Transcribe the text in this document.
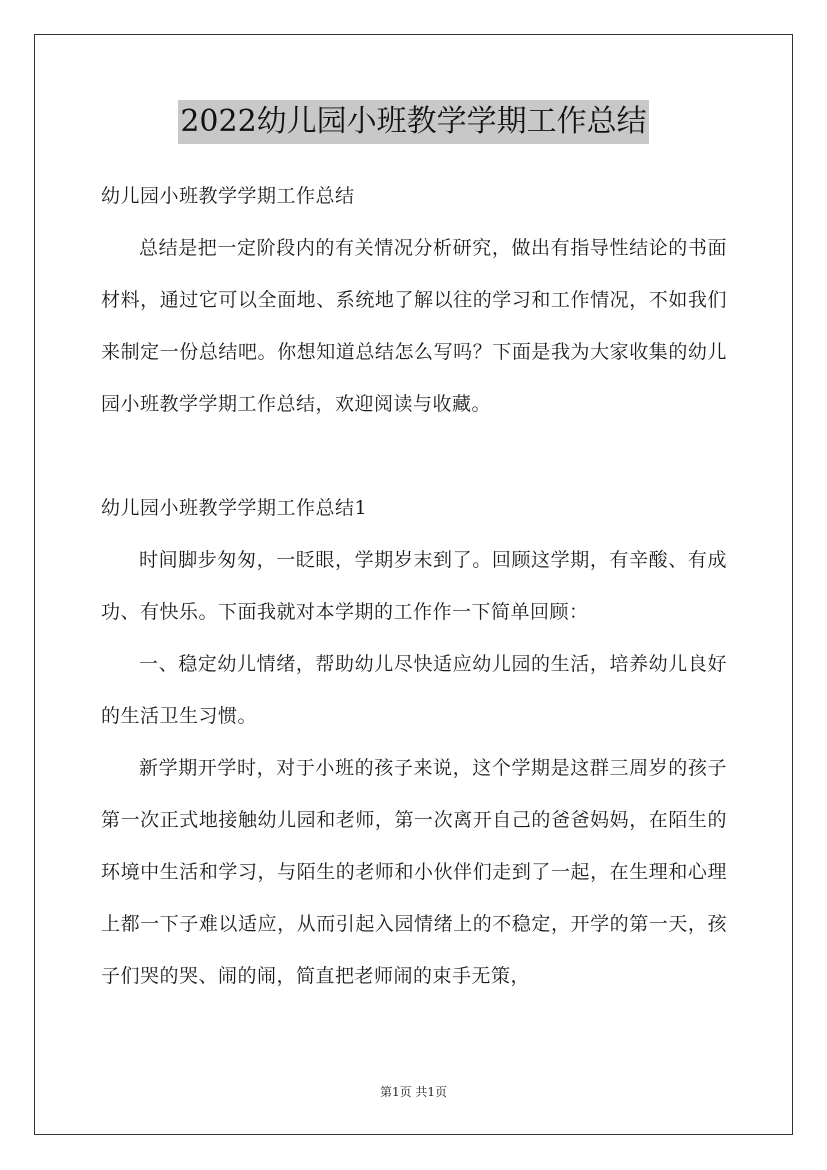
2022幼儿园小班教学学期工作总结

幼儿园小班教学学期工作总结

总结是把一定阶段内的有关情况分析研究，做出有指导性结论的书面材料，通过它可以全面地、系统地了解以往的学习和工作情况，不如我们来制定一份总结吧。你想知道总结怎么写吗？下面是我为大家收集的幼儿园小班教学学期工作总结，欢迎阅读与收藏。

幼儿园小班教学学期工作总结1

时间脚步匆匆，一眨眼，学期岁末到了。回顾这学期，有辛酸、有成功、有快乐。下面我就对本学期的工作作一下简单回顾：

一、稳定幼儿情绪，帮助幼儿尽快适应幼儿园的生活，培养幼儿良好的生活卫生习惯。

新学期开学时，对于小班的孩子来说，这个学期是这群三周岁的孩子第一次正式地接触幼儿园和老师，第一次离开自己的爸爸妈妈，在陌生的环境中生活和学习，与陌生的老师和小伙伴们走到了一起，在生理和心理上都一下子难以适应，从而引起入园情绪上的不稳定，开学的第一天，孩子们哭的哭、闹的闹，简直把老师闹的束手无策，

第1页 共1页
